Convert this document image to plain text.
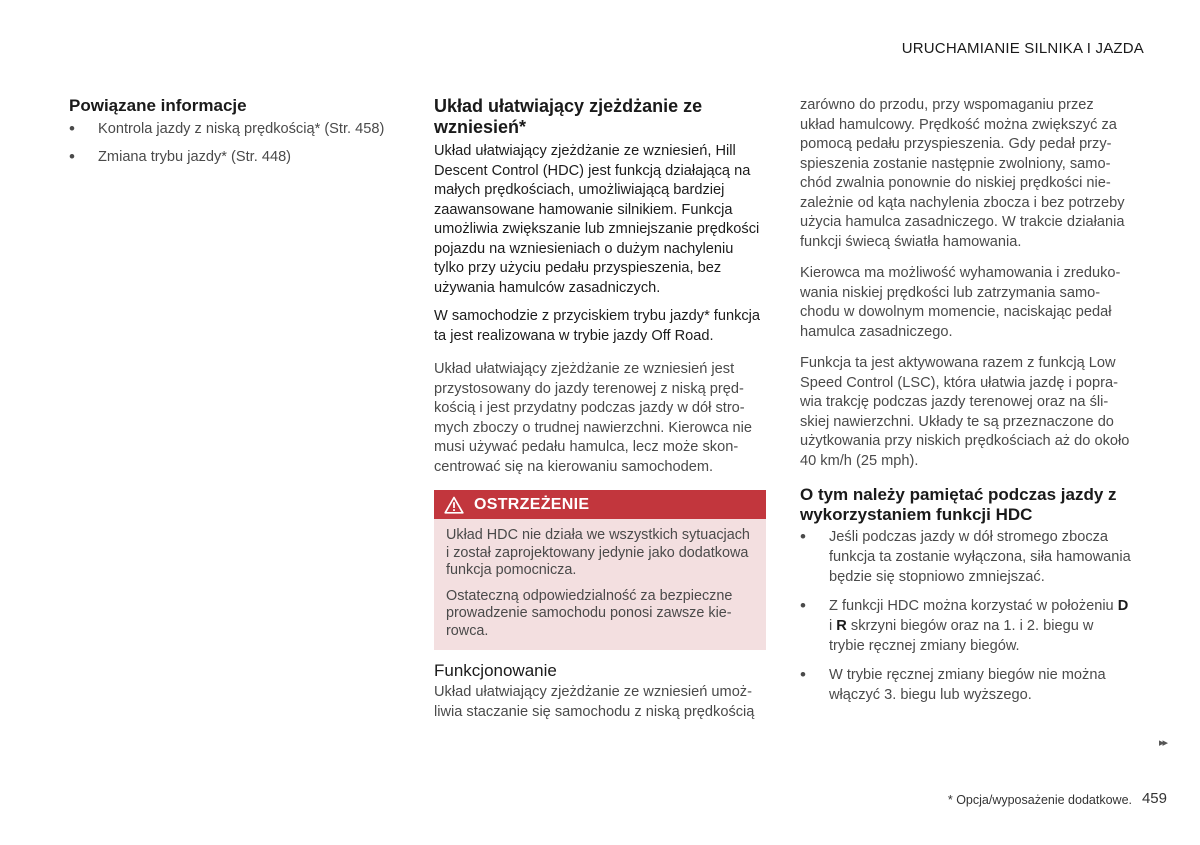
URUCHAMIANIE SILNIKA I JAZDA
Powiązane informacje
• Kontrola jazdy z niską prędkością* (Str. 458)
• Zmiana trybu jazdy* (Str. 448)
Układ ułatwiający zjeżdżanie ze wzniesień*

Układ ułatwiający zjeżdżanie ze wzniesień, Hill Descent Control (HDC) jest funkcją działającą na małych prędkościach, umożliwiającą bardziej zaawansowane hamowanie silnikiem. Funkcja umożliwia zwiększanie lub zmniejszanie prędkości pojazdu na wzniesieniach o dużym nachyleniu tylko przy użyciu pedału przyspieszenia, bez używania hamulców zasadniczych.

W samochodzie z przyciskiem trybu jazdy* funkcja ta jest realizowana w trybie jazdy Off Road.

Układ ułatwiający zjeżdżanie ze wzniesień jest przystosowany do jazdy terenowej z niską prędkością i jest przydatny podczas jazdy w dół stromych zboczy o trudnej nawierzchni. Kierowca nie musi używać pedału hamulca, lecz może skoncentrować się na kierowaniu samochodem.

OSTRZEŻENIE

Układ HDC nie działa we wszystkich sytuacjach i został zaprojektowany jedynie jako dodatkowa funkcja pomocnicza.

Ostateczną odpowiedzialność za bezpieczne prowadzenie samochodu ponosi zawsze kierowca.

Funkcjonowanie

Układ ułatwiający zjeżdżanie ze wzniesień umożliwia staczanie się samochodu z niską prędkością

zarówno do przodu, przy wspomaganiu przez układ hamulcowy. Prędkość można zwiększyć za pomocą pedału przyspieszenia. Gdy pedał przyspieszenia zostanie następnie zwolniony, samochód zwalnia ponownie do niskiej prędkości niezależnie od kąta nachylenia zbocza i bez potrzeby użycia hamulca zasadniczego. W trakcie działania funkcji świecą światła hamowania.

Kierowca ma możliwość wyhamowania i zredukowania niskiej prędkości lub zatrzymania samochodu w dowolnym momencie, naciskając pedał hamulca zasadniczego.

Funkcja ta jest aktywowana razem z funkcją Low Speed Control (LSC), która ułatwia jazdę i poprawia trakcję podczas jazdy terenowej oraz na śliskiej nawierzchni. Układy te są przeznaczone do użytkowania przy niskich prędkościach aż do około 40 km/h (25 mph).

O tym należy pamiętać podczas jazdy z wykorzystaniem funkcji HDC
• Jeśli podczas jazdy w dół stromego zbocza funkcja ta zostanie wyłączona, siła hamowania będzie się stopniowo zmniejszać.
• Z funkcji HDC można korzystać w położeniu D i R skrzyni biegów oraz na 1. i 2. biegu w trybie ręcznej zmiany biegów.
• W trybie ręcznej zmiany biegów nie można włączyć 3. biegu lub wyższego.
▸▸
* Opcja/wyposażenie dodatkowe. 459
